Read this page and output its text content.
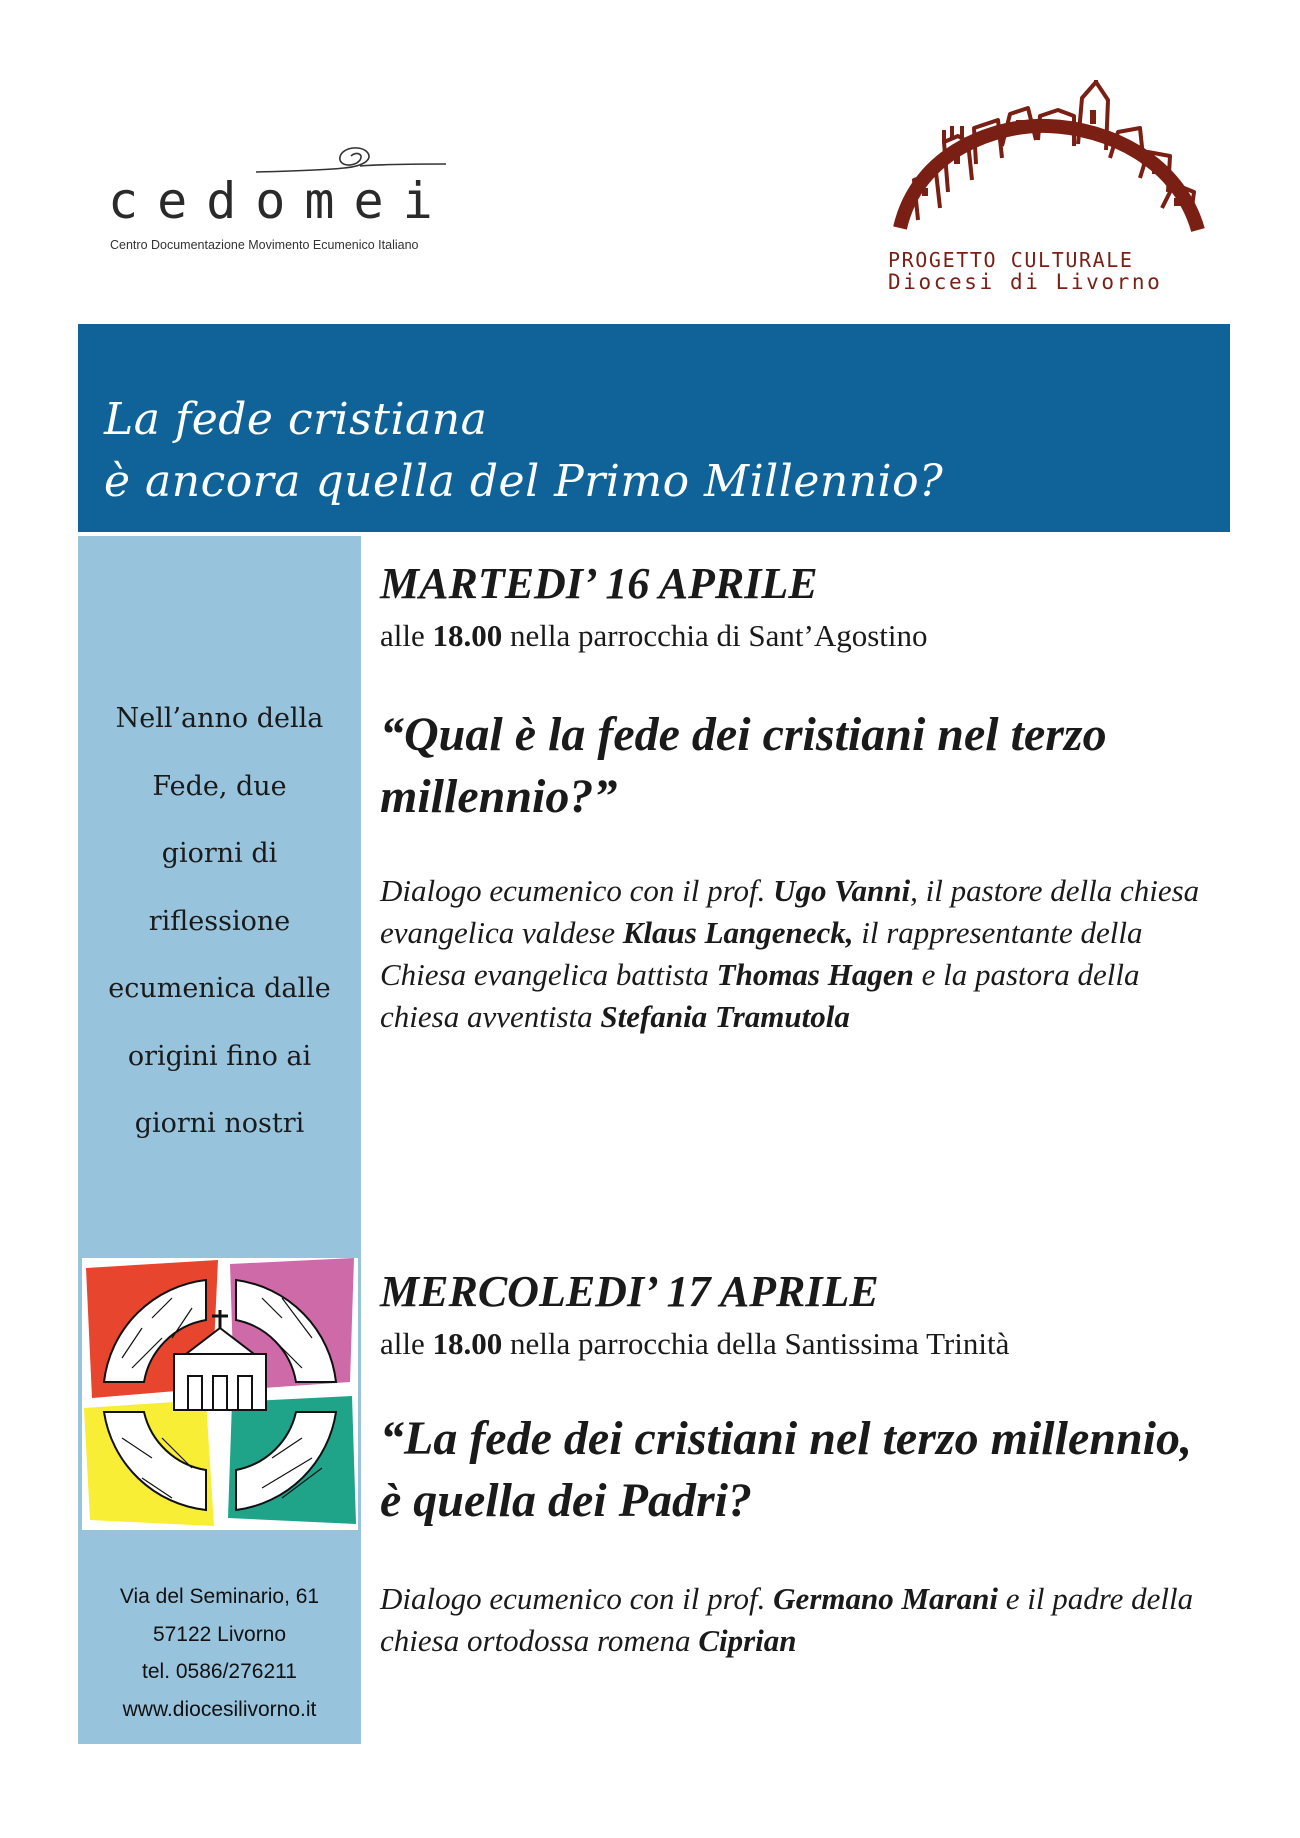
cedomei
Centro Documentazione Movimento Ecumenico Italiano
PROGETTO CULTURALE
Diocesi di Livorno
La fede cristiana
è ancora quella del Primo Millennio?
Nell’anno della
Fede, due
giorni di
riflessione
ecumenica dalle
origini fino ai
giorni nostri
Via del Seminario, 61
57122 Livorno
tel. 0586/276211
www.diocesilivorno.it
MARTEDI’ 16 APRILE
alle 18.00 nella parrocchia di Sant’Agostino
“Qual è la fede dei cristiani nel terzo millennio?”
Dialogo ecumenico con il prof. Ugo Vanni, il pastore della chiesa evangelica valdese Klaus Langeneck, il rappresentante della Chiesa evangelica battista Thomas Hagen e la pastora della chiesa avventista Stefania Tramutola
MERCOLEDI’ 17 APRILE
alle 18.00 nella parrocchia della Santissima Trinità
“La fede dei cristiani nel terzo millennio, è quella dei Padri?
Dialogo ecumenico con il prof. Germano Marani e il padre della chiesa ortodossa romena Ciprian
